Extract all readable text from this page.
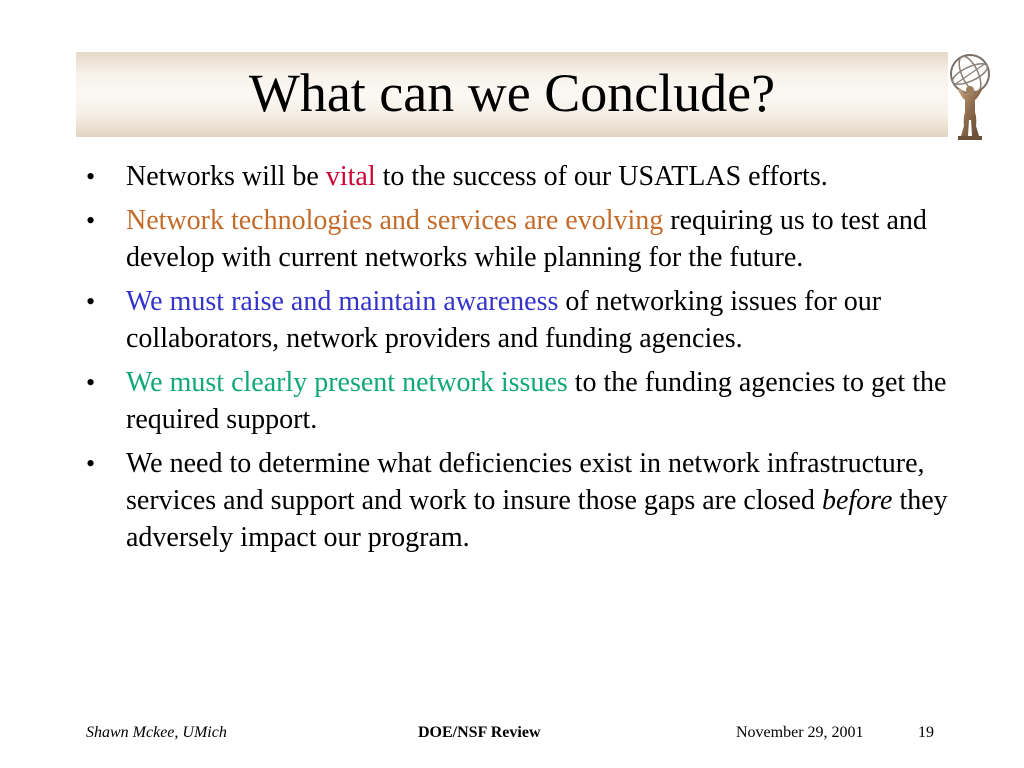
What can we Conclude?
•	Networks will be vital to the success of our USATLAS efforts.
•	Network technologies and services are evolving requiring us to test and develop with current networks while planning for the future.
•	We must raise and maintain awareness of networking issues for our collaborators, network providers and funding agencies.
•	We must clearly present network issues to the funding agencies to get the required support.
•	We need to determine what deficiencies exist in network infrastructure, services and support and work to insure those gaps are closed before they adversely impact our program.
Shawn Mckee, UMich	DOE/NSF Review	November 29, 2001	19
